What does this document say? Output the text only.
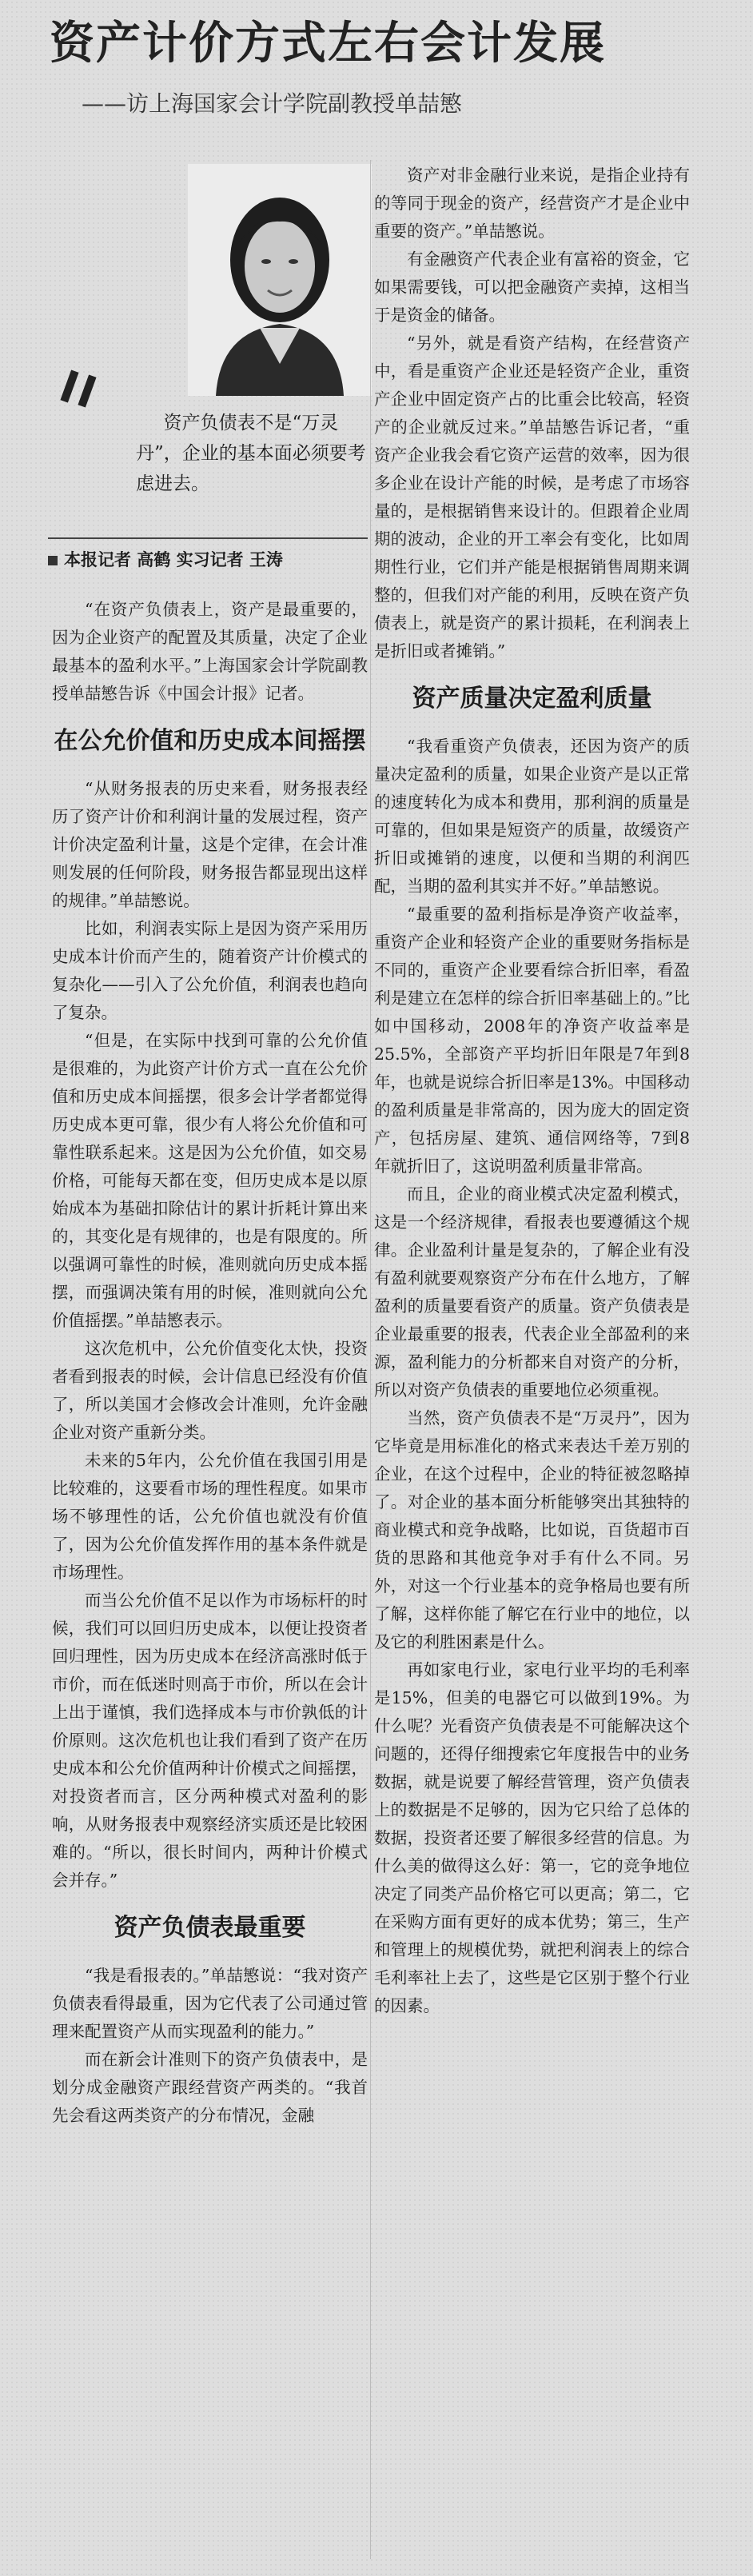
资产计价方式左右会计发展
——访上海国家会计学院副教授单喆慜

资产负债表不是“万灵丹”，企业的基本面必须要考虑进去。

本报记者 高鹤 实习记者 王涛

“在资产负债表上，资产是最重要的，因为企业资产的配置及其质量，决定了企业最基本的盈利水平。”上海国家会计学院副教授单喆慜告诉《中国会计报》记者。

在公允价值和历史成本间摇摆

“从财务报表的历史来看，财务报表经历了资产计价和利润计量的发展过程，资产计价决定盈利计量，这是个定律，在会计准则发展的任何阶段，财务报告都显现出这样的规律。”单喆慜说。

比如，利润表实际上是因为资产采用历史成本计价而产生的，随着资产计价模式的复杂化——引入了公允价值，利润表也趋向了复杂。

“但是，在实际中找到可靠的公允价值是很难的，为此资产计价方式一直在公允价值和历史成本间摇摆，很多会计学者都觉得历史成本更可靠，很少有人将公允价值和可靠性联系起来。这是因为公允价值，如交易价格，可能每天都在变，但历史成本是以原始成本为基础扣除估计的累计折耗计算出来的，其变化是有规律的，也是有限度的。所以强调可靠性的时候，准则就向历史成本摇摆，而强调决策有用的时候，准则就向公允价值摇摆。”单喆慜表示。

这次危机中，公允价值变化太快，投资者看到报表的时候，会计信息已经没有价值了，所以美国才会修改会计准则，允许金融企业对资产重新分类。

未来的5年内，公允价值在我国引用是比较难的，这要看市场的理性程度。如果市场不够理性的话，公允价值也就没有价值了，因为公允价值发挥作用的基本条件就是市场理性。

而当公允价值不足以作为市场标杆的时候，我们可以回归历史成本，以便让投资者回归理性，因为历史成本在经济高涨时低于市价，而在低迷时则高于市价，所以在会计上出于谨慎，我们选择成本与市价孰低的计价原则。这次危机也让我们看到了资产在历史成本和公允价值两种计价模式之间摇摆，对投资者而言，区分两种模式对盈利的影响，从财务报表中观察经济实质还是比较困难的。“所以，很长时间内，两种计价模式会并存。”

资产负债表最重要

“我是看报表的。”单喆慜说：“我对资产负债表看得最重，因为它代表了公司通过管理来配置资产从而实现盈利的能力。”

而在新会计准则下的资产负债表中，是划分成金融资产跟经营资产两类的。“我首先会看这两类资产的分布情况，金融

资产对非金融行业来说，是指企业持有的等同于现金的资产，经营资产才是企业中重要的资产。”单喆慜说。

有金融资产代表企业有富裕的资金，它如果需要钱，可以把金融资产卖掉，这相当于是资金的储备。

“另外，就是看资产结构，在经营资产中，看是重资产企业还是轻资产企业，重资产企业中固定资产占的比重会比较高，轻资产的企业就反过来。”单喆慜告诉记者，“重资产企业我会看它资产运营的效率，因为很多企业在设计产能的时候，是考虑了市场容量的，是根据销售来设计的。但跟着企业周期的波动，企业的开工率会有变化，比如周期性行业，它们并产能是根据销售周期来调整的，但我们对产能的利用，反映在资产负债表上，就是资产的累计损耗，在利润表上是折旧或者摊销。”

资产质量决定盈利质量

“我看重资产负债表，还因为资产的质量决定盈利的质量，如果企业资产是以正常的速度转化为成本和费用，那利润的质量是可靠的，但如果是短资产的质量，故缓资产折旧或摊销的速度，以便和当期的利润匹配，当期的盈利其实并不好。”单喆慜说。

“最重要的盈利指标是净资产收益率，重资产企业和轻资产企业的重要财务指标是不同的，重资产企业要看综合折旧率，看盈利是建立在怎样的综合折旧率基础上的。”比如中国移动，2008年的净资产收益率是25.5%，全部资产平均折旧年限是7年到8年，也就是说综合折旧率是13%。中国移动的盈利质量是非常高的，因为庞大的固定资产，包括房屋、建筑、通信网络等，7到8年就折旧了，这说明盈利质量非常高。

而且，企业的商业模式决定盈利模式，这是一个经济规律，看报表也要遵循这个规律。企业盈利计量是复杂的，了解企业有没有盈利就要观察资产分布在什么地方，了解盈利的质量要看资产的质量。资产负债表是企业最重要的报表，代表企业全部盈利的来源，盈利能力的分析都来自对资产的分析，所以对资产负债表的重要地位必须重视。

当然，资产负债表不是“万灵丹”，因为它毕竟是用标准化的格式来表达千差万别的企业，在这个过程中，企业的特征被忽略掉了。对企业的基本面分析能够突出其独特的商业模式和竞争战略，比如说，百货超市百货的思路和其他竞争对手有什么不同。另外，对这一个行业基本的竞争格局也要有所了解，这样你能了解它在行业中的地位，以及它的利胜困素是什么。

再如家电行业，家电行业平均的毛利率是15%，但美的电器它可以做到19%。为什么呢？光看资产负债表是不可能解决这个问题的，还得仔细搜索它年度报告中的业务数据，就是说要了解经营管理，资产负债表上的数据是不足够的，因为它只给了总体的数据，投资者还要了解很多经营的信息。为什么美的做得这么好：第一，它的竞争地位决定了同类产品价格它可以更高；第二，它在采购方面有更好的成本优势；第三，生产和管理上的规模优势，就把利润表上的综合毛利率社上去了，这些是它区别于整个行业的因素。
